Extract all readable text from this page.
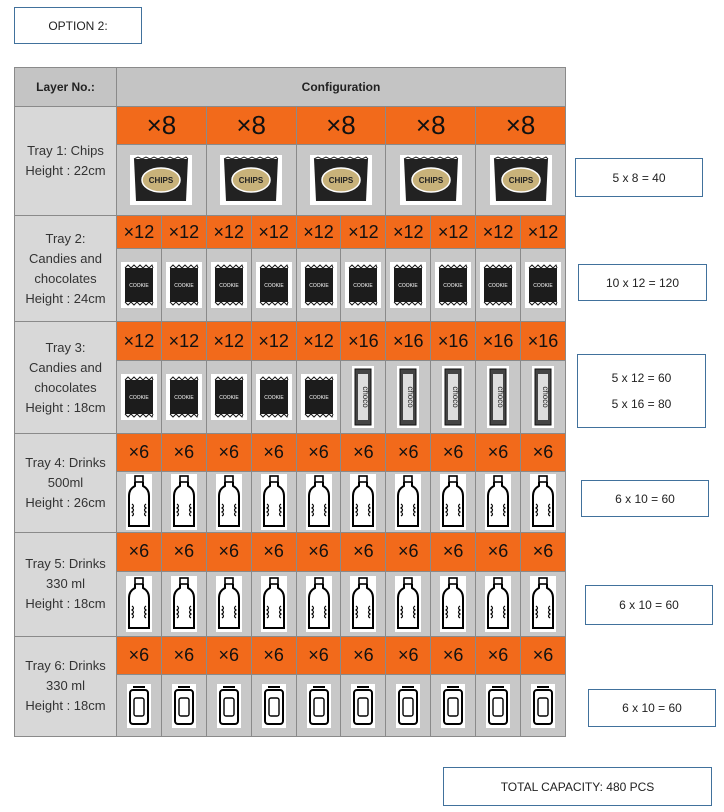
OPTION 2:
Layer No.:	Configuration									

Tray 1: Chips
Height : 22cm	×8		×8		×8		×8		×8	

CHIPS		CHIPS		CHIPS		CHIPS		CHIPS	

Tray 2:
Candies and
chocolates
Height : 24cm	×12	×12	×12	×12	×12	×12	×12	×12	×12	×12

COOKIE	COOKIE	COOKIE	COOKIE	COOKIE	COOKIE	COOKIE	COOKIE	COOKIE	COOKIE

Tray 3:
Candies and
chocolates
Height : 18cm	×12	×12	×12	×12	×12	×16	×16	×16	×16	×16

COOKIE	COOKIE	COOKIE	COOKIE	COOKIE	choco	choco	choco	choco	choco

Tray 4: Drinks
500ml
Height : 26cm	×6	×6	×6	×6	×6	×6	×6	×6	×6	×6

Tray 5: Drinks
330 ml
Height : 18cm	×6	×6	×6	×6	×6	×6	×6	×6	×6	×6

Tray 6: Drinks
330 ml
Height : 18cm	×6	×6	×6	×6	×6	×6	×6	×6	×6	×6

5 x 8 = 40
10 x 12 = 120
5 x 12 = 60
5 x 16 = 80
6 x 10 = 60
6 x 10 = 60
6 x 10 = 60
TOTAL CAPACITY: 480 PCS
